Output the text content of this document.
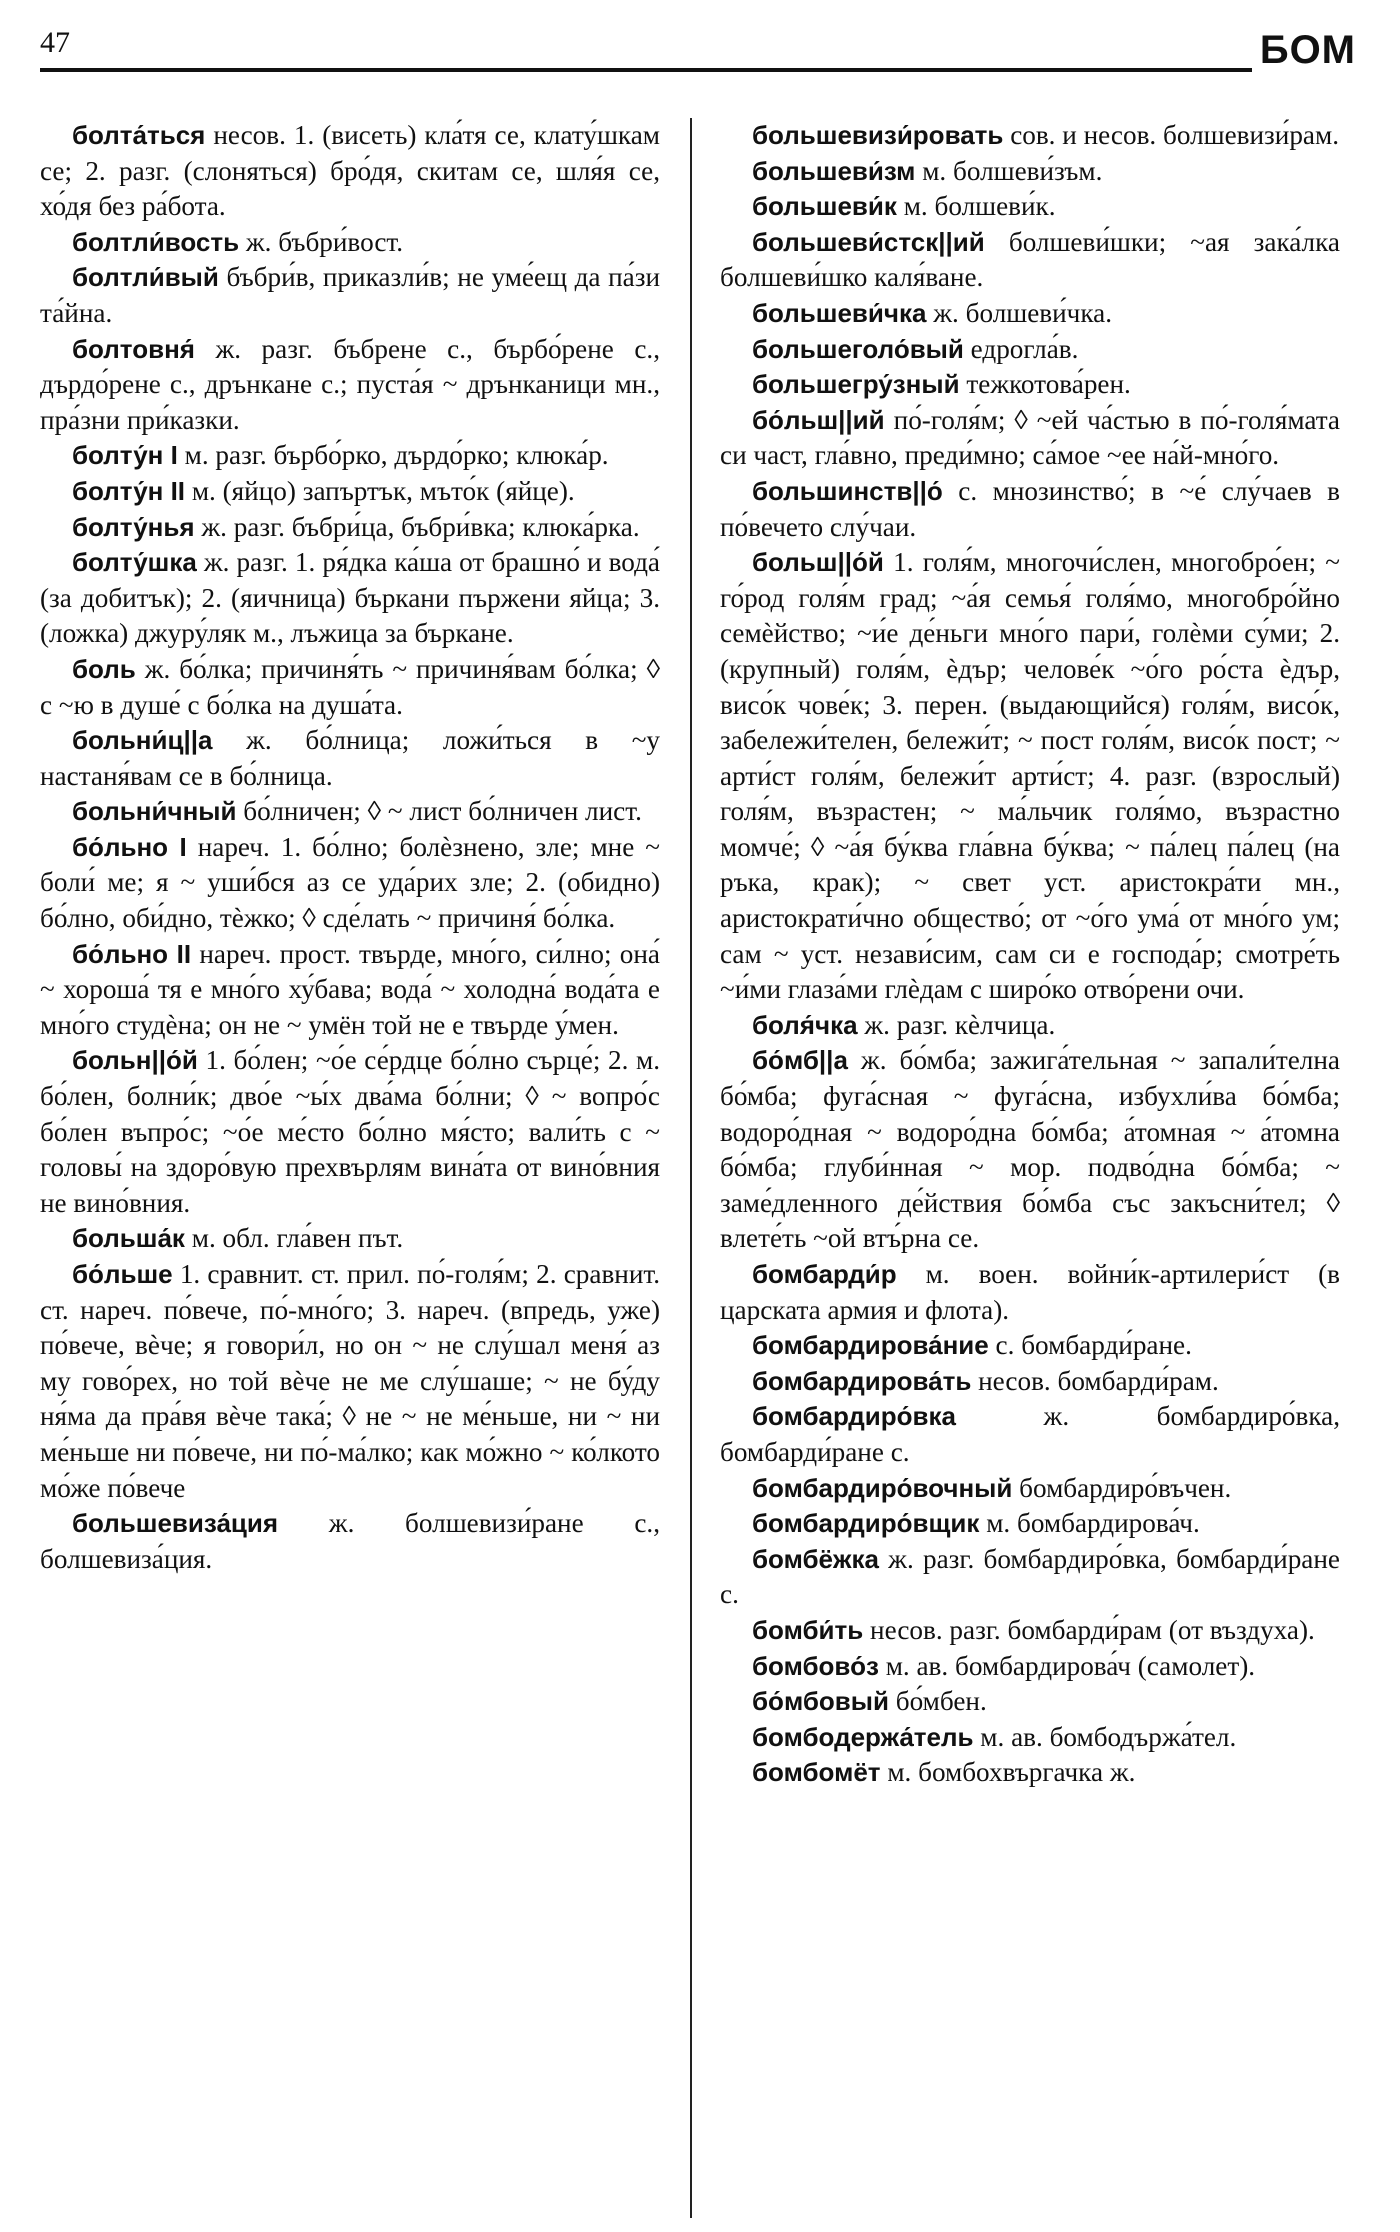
47	БОМ

болта́ться несов. 1. (висеть) кла́тя се, клату́шкам се; 2. разг. (слоняться) бро́дя, скитам се, шля́я се, хо́дя без ра́бота.

болтли́вость ж. бъбри́вост.

болтли́вый бъбри́в, приказли́в; не уме́ещ да па́зи та́йна.

болтовня́ ж. разг. бъбрене с., бърбо́рене с., дърдо́рене с., дрънкане с.; пуста́я ~ дрънканици мн., пра́зни при́казки.

болту́н I м. разг. бърбо́рко, дърдо́рко; клюка́р.

болту́н II м. (яйцо) запъртък, мъто́к (яйце).

болту́нья ж. разг. бъбри́ца, бъбри́вка; клюка́рка.

болту́шка ж. разг. 1. ря́дка ка́ша от брашно́ и вода́ (за добитък); 2. (яичница) бъркани пържени яйца; 3. (ложка) джуру́ляк м., лъжица за бъркане.

боль ж. бо́лка; причиня́ть ~ причиня́вам бо́лка; ◊ с ~ю в душе́ с бо́лка на душа́та.

больни́ц||а ж. бо́лница; ложи́ться в ~у настаня́вам се в бо́лница.

больни́чный бо́лничен; ◊ ~ лист бо́лничен лист.

бо́льно I нареч. 1. бо́лно; болѐзнено, зле; мне ~ боли́ ме; я ~ уши́бся аз се уда́рих зле; 2. (обидно) бо́лно, оби́дно, тѐжко; ◊ сде́лать ~ причиня́ бо́лка.

бо́льно II нареч. прост. твърде, мно́го, си́лно; она́ ~ хороша́ тя е мно́го ху́бава; вода́ ~ холодна́ вода́та е мно́го студѐна; он не ~ умён той не е твърде у́мен.

больн||о́й 1. бо́лен; ~о́е се́рдце бо́лно сърце́; 2. м. бо́лен, болни́к; дво́е ~ы́х два́ма бо́лни; ◊ ~ вопро́с бо́лен въпро́с; ~о́е ме́сто бо́лно мя́сто; вали́ть с ~ головы́ на здоро́вую прехвърлям вина́та от вино́вния не вино́вния.

больша́к м. обл. гла́вен път.

бо́льше 1. сравнит. ст. прил. по́-голя́м; 2. сравнит. ст. нареч. по́вече, по́-мно́го; 3. нареч. (впредь, уже) по́вече, вѐче; я говори́л, но он ~ не слу́шал меня́ аз му гово́рех, но той вѐче не ме слу́шаше; ~ не бу́ду ня́ма да пра́вя вѐче така́; ◊ не ~ не ме́ньше, ни ~ ни ме́ньше ни по́вече, ни по́-ма́лко; как мо́жно ~ ко́лкото мо́же по́вече

большевиза́ция ж. болшевизи́ране с., болшевиза́ция.

большевизи́ровать сов. и несов. болшевизи́рам.

большеви́зм м. болшеви́зъм.

большеви́к м. болшеви́к.

большеви́стск||ий болшеви́шки; ~ая зака́лка болшеви́шко каля́ване.

большеви́чка ж. болшеви́чка.

большеголо́вый едрогла́в.

большегру́зный тежкотова́рен.

бо́льш||ий по́-голя́м; ◊ ~ей ча́стью в по́-голя́мата си част, гла́вно, преди́мно; са́мое ~ее на́й-мно́го.

большинств||о́ с. мнозинство́; в ~е́ слу́чаев в по́вечето слу́чаи.

больш||о́й 1. голя́м, многочи́слен, многобро́ен; ~ го́род голя́м град; ~а́я семья́ голя́мо, многобро́йно семѐйство; ~и́е де́ньги мно́го пари́, голѐми су́ми; 2. (крупный) голя́м, ѐдър; челове́к ~о́го ро́ста ѐдър, висо́к чове́к; 3. перен. (выдающийся) голя́м, висо́к, забележи́телен, бележи́т; ~ пост голя́м, висо́к пост; ~ арти́ст голя́м, бележи́т арти́ст; 4. разг. (взрослый) голя́м, възрастен; ~ ма́льчик голя́мо, възрастно момче́; ◊ ~а́я бу́ква гла́вна бу́ква; ~ па́лец па́лец (на ръка, крак); ~ свет уст. аристокра́ти мн., аристократи́чно общество́; от ~о́го ума́ от мно́го ум; сам ~ уст. незави́сим, сам си е господа́р; смотре́ть ~и́ми глаза́ми глѐдам с широ́ко отво́рени очи.

боля́чка ж. разг. кѐлчица.

бо́мб||а ж. бо́мба; зажига́тельная ~ запали́телна бо́мба; фуга́сная ~ фуга́сна, избухли́ва бо́мба; водоро́дная ~ водоро́дна бо́мба; а́томная ~ а́томна бо́мба; глуби́нная ~ мор. подво́дна бо́мба; ~ заме́дленного де́йствия бо́мба със закъсни́тел; ◊ влете́ть ~ой втъ́рна се.

бомбарди́р м. воен. войни́к-артилери́ст (в царската армия и флота).

бомбардирова́ние с. бомбарди́ране.

бомбардирова́ть несов. бомбарди́рам.

бомбардиро́вка	ж. бомбардиро́вка, бомбарди́ране с.

бомбардиро́вочный бомбардиро́въчен.

бомбардиро́вщик м. бомбардирова́ч.

бомбёжка ж. разг. бомбардиро́вка, бомбарди́ране с.

бомби́ть несов. разг. бомбарди́рам (от въздуха).

бомбово́з м. ав. бомбардирова́ч (самолет).

бо́мбовый бо́мбен.

бомбодержа́тель м. ав. бомбодържа́тел.

бомбомёт м. бомбохвъргачка ж.
